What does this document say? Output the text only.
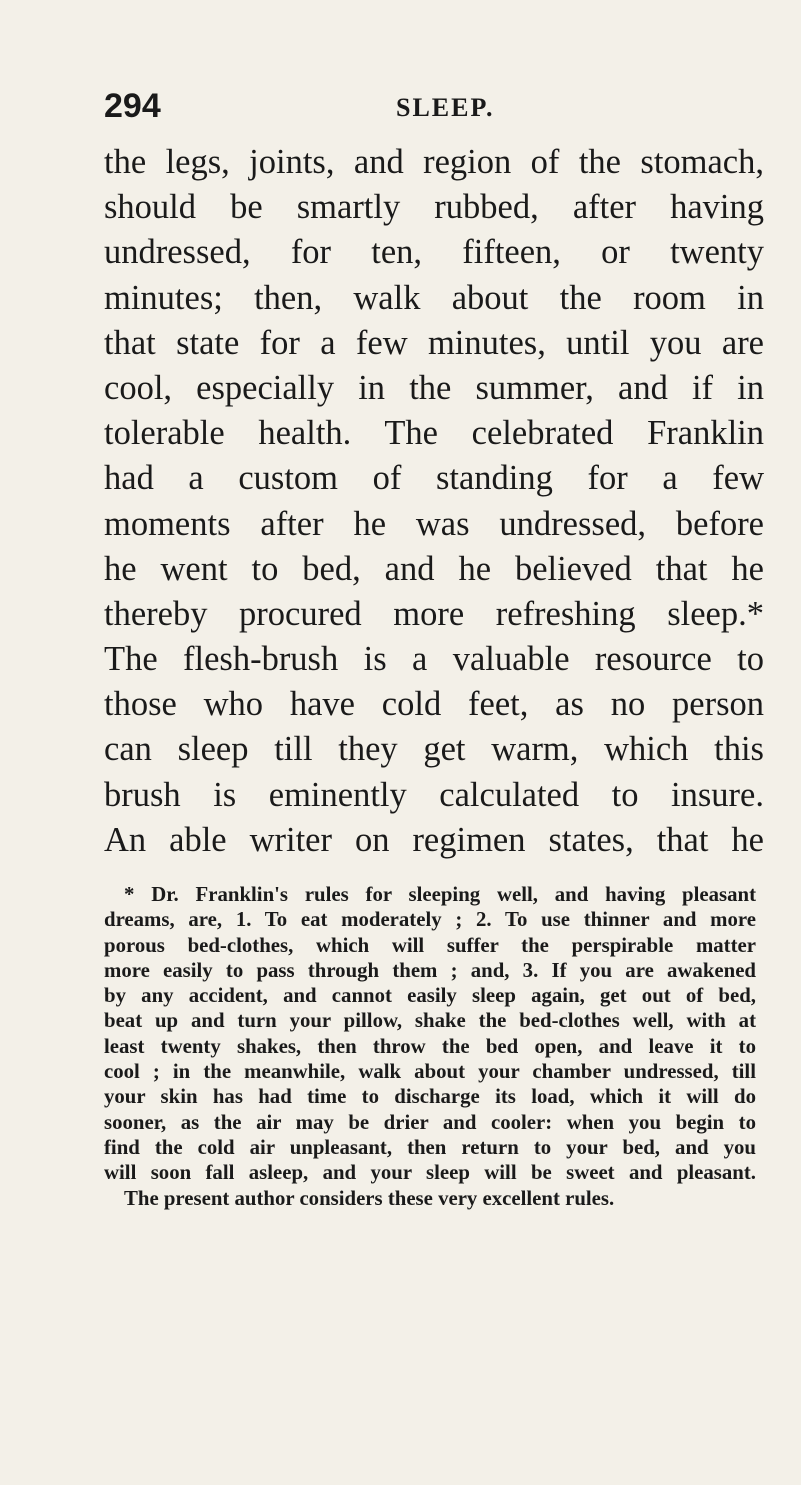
294	SLEEP.
the legs, joints, and region of the stomach,
should be smartly rubbed, after having
undressed, for ten, fifteen, or twenty
minutes; then, walk about the room in
that state for a few minutes, until you are
cool, especially in the summer, and if in
tolerable health. The celebrated Franklin
had a custom of standing for a few
moments after he was undressed, before
he went to bed, and he believed that he
thereby procured more refreshing sleep.*
The flesh-brush is a valuable resource to
those who have cold feet, as no person
can sleep till they get warm, which this
brush is eminently calculated to insure.
An able writer on regimen states, that he
* Dr. Franklin's rules for sleeping well, and having pleasant
dreams, are, 1. To eat moderately ; 2. To use thinner and more
porous bed-clothes, which will suffer the perspirable matter
more easily to pass through them ; and, 3. If you are awakened
by any accident, and cannot easily sleep again, get out of bed,
beat up and turn your pillow, shake the bed-clothes well, with at
least twenty shakes, then throw the bed open, and leave it to
cool ; in the meanwhile, walk about your chamber undressed, till
your skin has had time to discharge its load, which it will do
sooner, as the air may be drier and cooler: when you begin to
find the cold air unpleasant, then return to your bed, and you
will soon fall asleep, and your sleep will be sweet and pleasant.
The present author considers these very excellent rules.
